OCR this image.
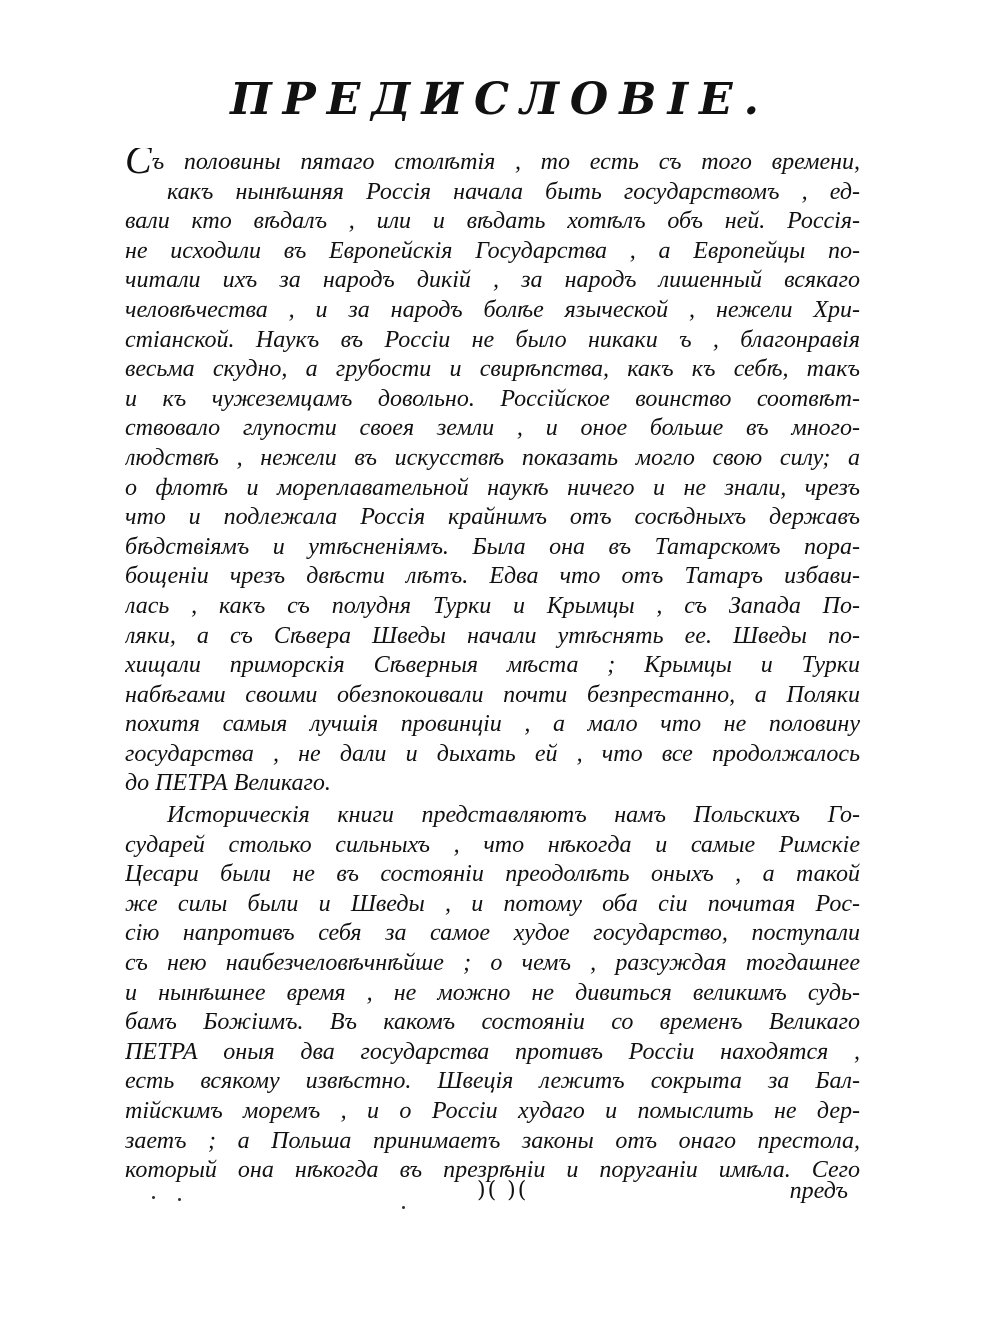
ПРЕДИСЛОВІЕ.
Съ половины пятаго столѣтія , то есть съ того времени,
какъ нынѣшняя Россія начала быть государствомъ , ед-
вали кто вѣдалъ , или и вѣдать хотѣлъ объ ней. Россія-
не исходили въ Европейскія Государства , а Европейцы по-
читали ихъ за народъ дикій , за народъ лишенный всякаго
человѣчества , и за народъ болѣе языческой , нежели Хри-
стіанской. Наукъ въ Россіи не было никаки ъ , благонравія
весьма скудно, а грубости и свирѣпства, какъ къ себѣ, такъ
и къ чужеземцамъ довольно. Россійское воинство соотвѣт-
ствовало глупости своея земли , и оное больше въ много-
людствѣ , нежели въ искусствѣ показать могло свою силу; а
о флотѣ и мореплавательной наукѣ ничего и не знали, чрезъ
что и подлежала Россія крайнимъ отъ сосѣдныхъ державъ
бѣдствіямъ и утѣсненіямъ. Была она въ Татарскомъ пора-
бощеніи чрезъ двѣсти лѣтъ. Едва что отъ Татаръ избави-
лась , какъ съ полудня Турки и Крымцы , съ Запада По-
ляки, а съ Сѣвера Шведы начали утѣснять ее. Шведы по-
хищали приморскія Сѣверныя мѣста ; Крымцы и Турки
набѣгами своими обезпокоивали почти безпрестанно, а Поляки
похитя самыя лучшія провинціи , а мало что не половину
государства , не дали и дыхать ей , что все продолжалось
до ПЕТРА Великаго.
Историческія книги представляютъ намъ Польскихъ Го-
сударей столько сильныхъ , что нѣкогда и самые Римскіе
Цесари были не въ состояніи преодолѣть оныхъ , а такой
же силы были и Шведы , и потому оба сіи почитая Рос-
сію напротивъ себя за самое худое государство, поступали
съ нею наибезчеловѣчнѣйше ; о чемъ , разсуждая тогдашнее
и нынѣшнее время , не можно не дивиться великимъ судь-
бамъ Божіимъ. Въ какомъ состояніи со временъ Великаго
ПЕТРА оныя два государства противъ Россіи находятся ,
есть всякому извѣстно. Швеція лежитъ сокрыта за Бал-
тійскимъ моремъ , и о Россіи худаго и помыслить не дер-
заетъ ; а Польша принимаетъ законы отъ онаго престола,
который она нѣкогда въ презрѣніи и поруганіи имѣла. Сего
)( )(	предъ
